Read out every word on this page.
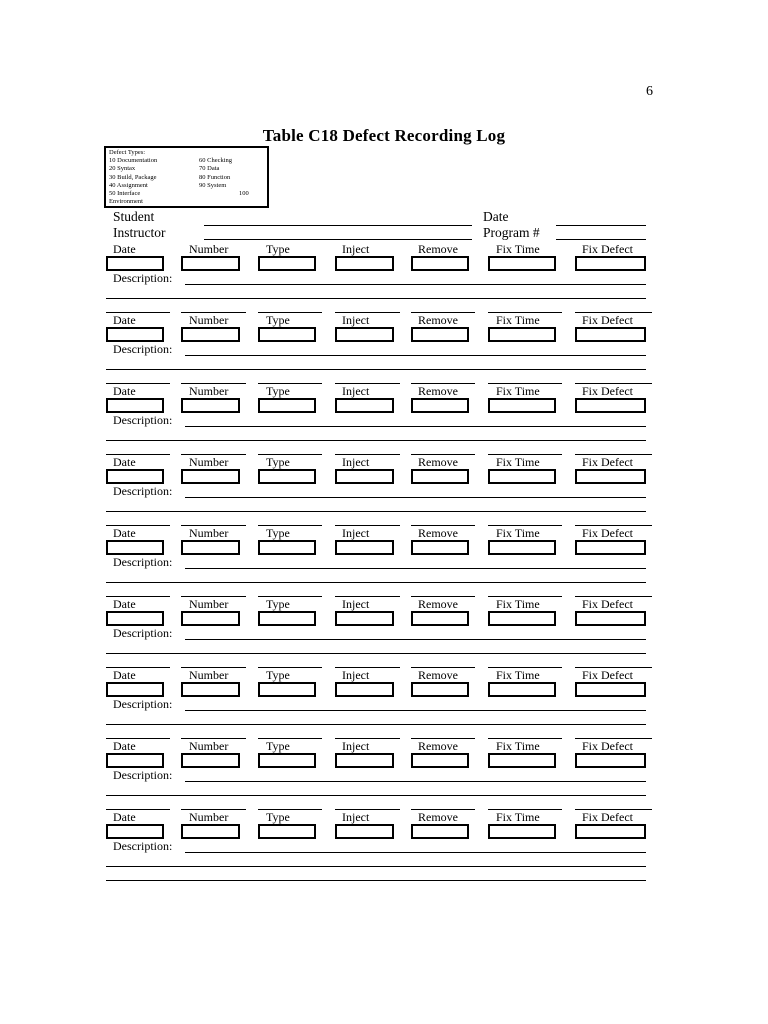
6
Table C18 Defect Recording Log
Defect Types:
10 Documentation	60 Checking
20 Syntax	70 Data
30 Build, Package	80 Function
40 Assignment	90 System
50 Interface	100
Environment
Student
Instructor
Date
Program #
Date	Number	Type	Inject	Remove	Fix Time	Fix Defect
Description:
Date	Number	Type	Inject	Remove	Fix Time	Fix Defect
Description:
Date	Number	Type	Inject	Remove	Fix Time	Fix Defect
Description:
Date	Number	Type	Inject	Remove	Fix Time	Fix Defect
Description:
Date	Number	Type	Inject	Remove	Fix Time	Fix Defect
Description:
Date	Number	Type	Inject	Remove	Fix Time	Fix Defect
Description:
Date	Number	Type	Inject	Remove	Fix Time	Fix Defect
Description:
Date	Number	Type	Inject	Remove	Fix Time	Fix Defect
Description:
Date	Number	Type	Inject	Remove	Fix Time	Fix Defect
Description:
